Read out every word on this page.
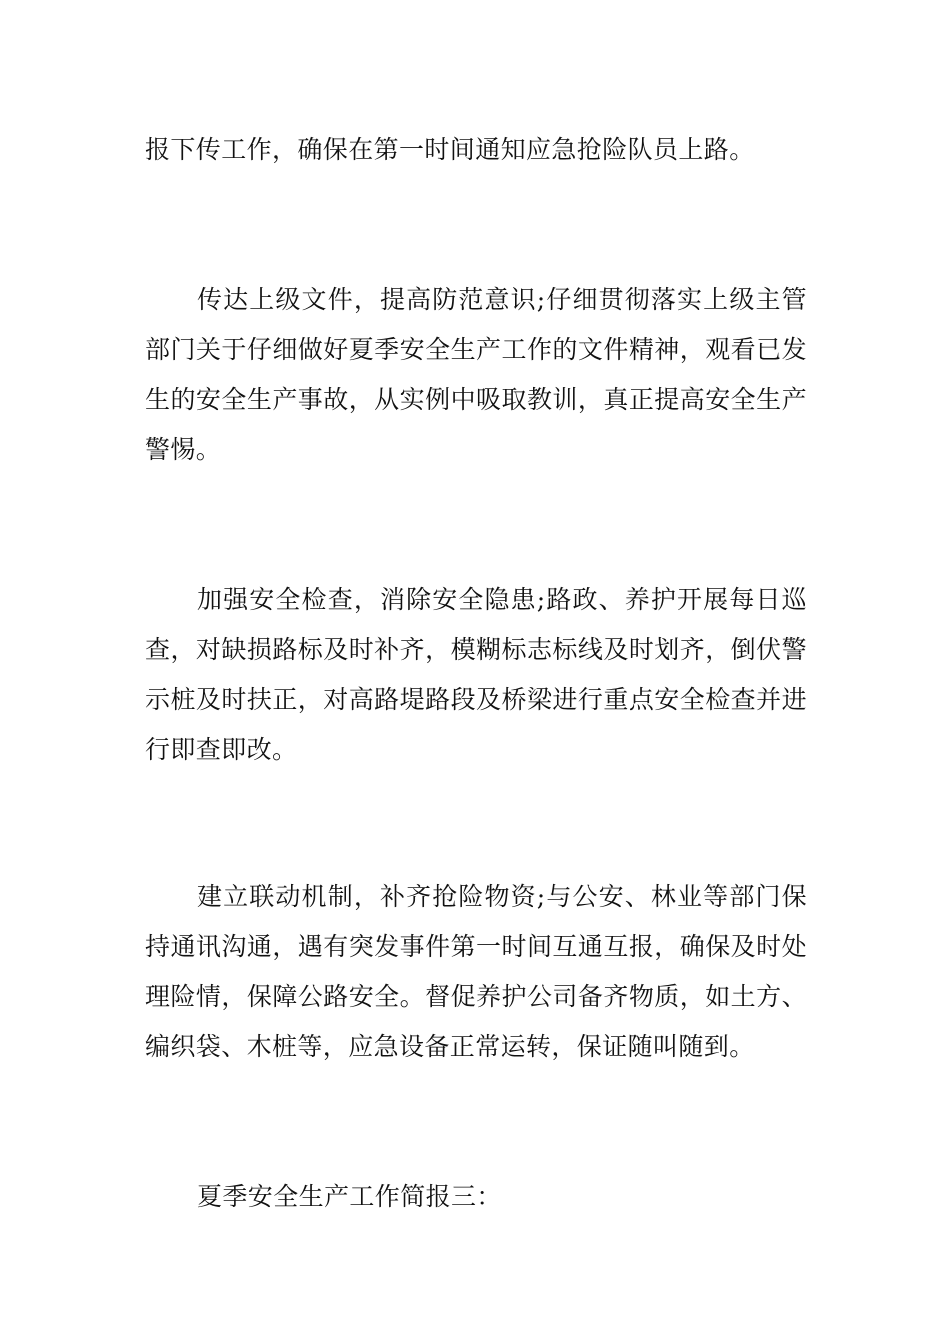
报下传工作，确保在第一时间通知应急抢险队员上路。

传达上级文件，提高防范意识;仔细贯彻落实上级主管部门关于仔细做好夏季安全生产工作的文件精神，观看已发生的安全生产事故，从实例中吸取教训，真正提高安全生产警惕。

加强安全检查，消除安全隐患;路政、养护开展每日巡查，对缺损路标及时补齐，模糊标志标线及时划齐，倒伏警示桩及时扶正，对高路堤路段及桥梁进行重点安全检查并进行即查即改。

建立联动机制，补齐抢险物资;与公安、林业等部门保持通讯沟通，遇有突发事件第一时间互通互报，确保及时处理险情，保障公路安全。督促养护公司备齐物质，如土方、编织袋、木桩等，应急设备正常运转，保证随叫随到。

夏季安全生产工作简报三：
